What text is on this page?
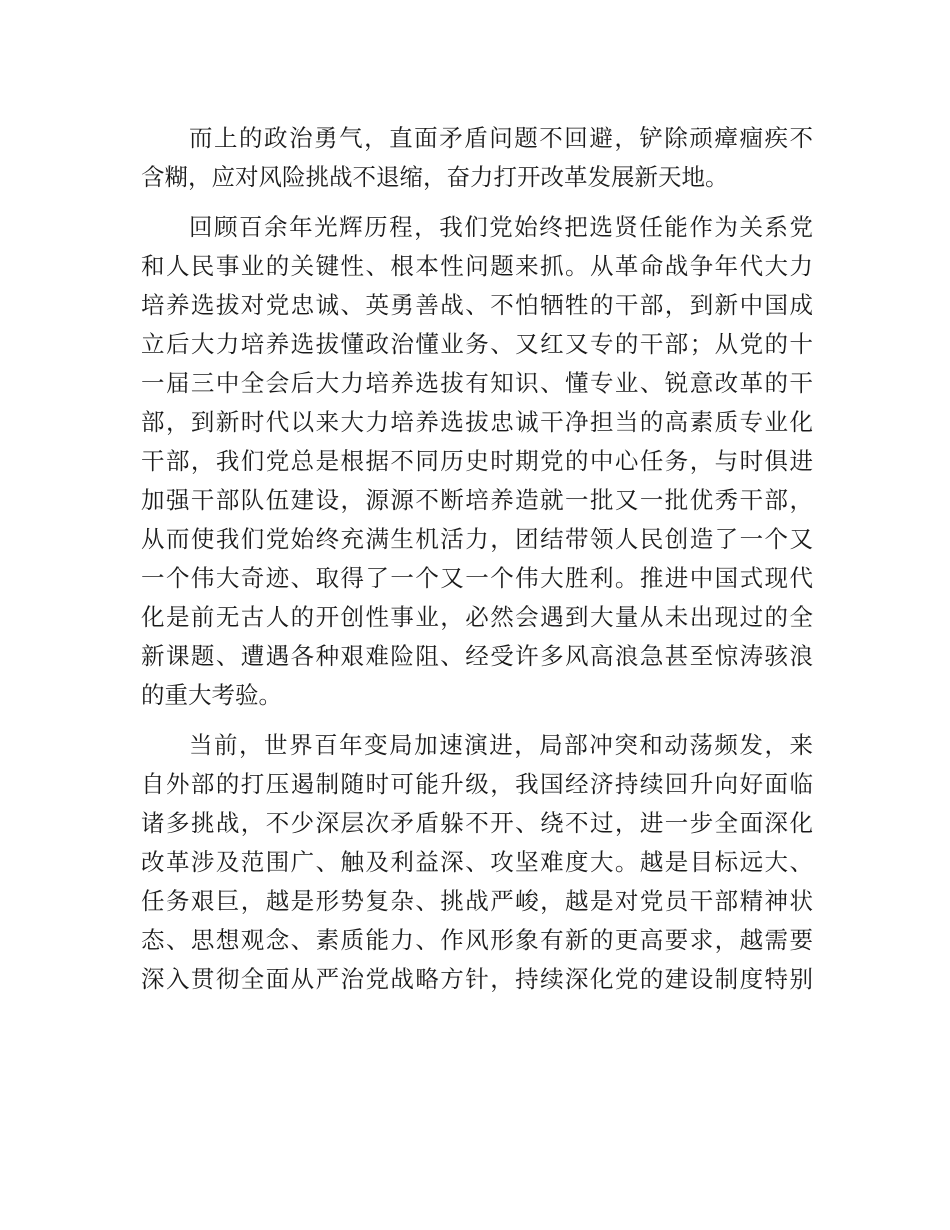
而上的政治勇气，直面矛盾问题不回避，铲除顽瘴痼疾不
含糊，应对风险挑战不退缩，奋力打开改革发展新天地。
回顾百余年光辉历程，我们党始终把选贤任能作为关系党
和人民事业的关键性、根本性问题来抓。从革命战争年代大力
培养选拔对党忠诚、英勇善战、不怕牺牲的干部，到新中国成
立后大力培养选拔懂政治懂业务、又红又专的干部；从党的十
一届三中全会后大力培养选拔有知识、懂专业、锐意改革的干
部，到新时代以来大力培养选拔忠诚干净担当的高素质专业化
干部，我们党总是根据不同历史时期党的中心任务，与时俱进
加强干部队伍建设，源源不断培养造就一批又一批优秀干部，
从而使我们党始终充满生机活力，团结带领人民创造了一个又
一个伟大奇迹、取得了一个又一个伟大胜利。推进中国式现代
化是前无古人的开创性事业，必然会遇到大量从未出现过的全
新课题、遭遇各种艰难险阻、经受许多风高浪急甚至惊涛骇浪
的重大考验。
当前，世界百年变局加速演进，局部冲突和动荡频发，来
自外部的打压遏制随时可能升级，我国经济持续回升向好面临
诸多挑战，不少深层次矛盾躲不开、绕不过，进一步全面深化
改革涉及范围广、触及利益深、攻坚难度大。越是目标远大、
任务艰巨，越是形势复杂、挑战严峻，越是对党员干部精神状
态、思想观念、素质能力、作风形象有新的更高要求，越需要
深入贯彻全面从严治党战略方针，持续深化党的建设制度特别
